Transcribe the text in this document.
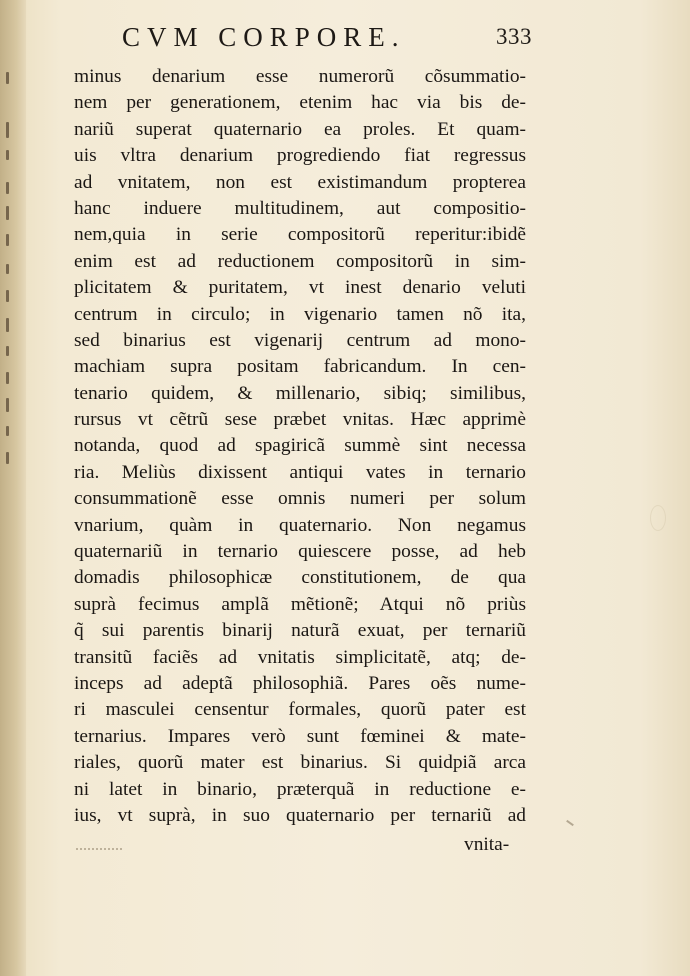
CVM CORPORE.	333
minus denarium esse numerorũ cõsummatio-
nem per generationem, etenim hac via bis de-
nariũ superat quaternario ea proles. Et quam-
uis vltra denarium progrediendo fiat regressus
ad vnitatem, non est existimandum propterea
hanc induere multitudinem, aut compositio-
nem,quia in serie compositorũ reperitur:ibidẽ
enim est ad reductionem compositorũ in sim-
plicitatem & puritatem, vt inest denario veluti
centrum in circulo; in vigenario tamen nõ ita,
sed binarius est vigenarij centrum ad mono-
machiam supra positam fabricandum. In cen-
tenario quidem, & millenario, sibiq; similibus,
rursus vt cẽtrũ sese præbet vnitas. Hæc apprimè
notanda, quod ad spagiricã summè sint necessa
ria. Meliùs dixissent antiqui vates in ternario
consummationẽ esse omnis numeri per solum
vnarium, quàm in quaternario. Non negamus
quaternariũ in ternario quiescere posse, ad heb
domadis philosophicæ constitutionem, de qua
suprà fecimus amplã mẽtionẽ; Atqui nõ priùs
q̃ sui parentis binarij naturã exuat, per ternariũ
transitũ faciẽs ad vnitatis simplicitatẽ, atq; de-
inceps ad adeptã philosophiã. Pares oẽs nume-
ri masculei censentur formales, quorũ pater est
ternarius. Impares verò sunt fœminei & mate-
riales, quorũ mater est binarius. Si quidpiã arca
ni latet in binario, præterquã in reductione e-
ius, vt suprà, in suo quaternario per ternariũ ad
vnita-
